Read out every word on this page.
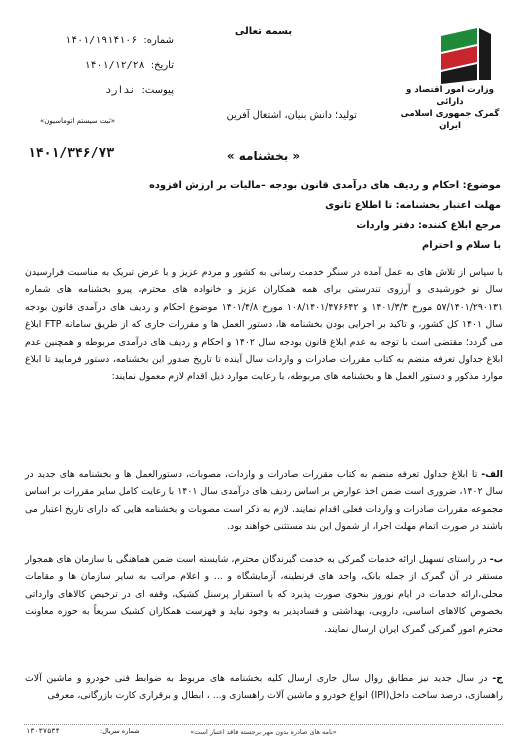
وزارت امور اقتصاد و دارائی
گمرک جمهوری اسلامی ایران
بسمه تعالی
شماره:
۱۴۰۱/۱۹۱۴۱۰۶
تاریخ:
۱۴۰۱/۱۲/۲۸
پیوست:
ندارد
«ثبت سیستم اتوماسیون»	تولید؛ دانش بنیان، اشتغال آفرین
۱۴۰۱/۳۴۶/۷۳	« بخشنامه »
موضوع: احکام و ردیف های درآمدی قانون بودجه –مالیات بر ارزش افزوده
مهلت اعتبار بخشنامه: تا اطلاع ثانوی
مرجع ابلاغ کننده: دفتر واردات
با سلام و احترام
با سپاس از تلاش های به عمل آمده در سنگر خدمت رسانی به کشور و مردم عزیز و با عرض تبریک به مناسبت فرارسیدن سال نو خورشیدی و آرزوی تندرستی برای همه همکاران عزیز و خانواده های محترم، پیرو بخشنامه های شماره ۵۷/۱۴۰۱/۲۹۰۱۳۱ مورخ ۱۴۰۱/۳/۳ و ۱۰۸/۱۴۰۱/۴۷۶۶۴۲ مورخ ۱۴۰۱/۴/۸ موضوع احکام و ردیف های درآمدی قانون بودجه سال ۱۴۰۱ کل کشور، و تاکید بر اجرایی بودن بخشنامه ها، دستور العمل ها و مقررات جاری که از طریق سامانه FTP ابلاغ می گردد؛ مقتضی است با توجه به عدم ابلاغ قانون بودجه سال ۱۴۰۲ و احکام و ردیف های درآمدی مربوطه و همچنین عدم ابلاغ جداول تعرفه منضم به کتاب مقررات صادرات و واردات سال آینده تا تاریخ صدور این بخشنامه، دستور فرمایید تا ابلاغ موارد مذکور و دستور العمل ها و بخشنامه های مربوطه، با رعایت موارد ذیل اقدام لازم معمول نمایند:
الف- تا ابلاغ جداول تعرفه منضم به کتاب مقررات صادرات و واردات، مصوبات، دستورالعمل ها و بخشنامه های جدید در سال ۱۴۰۲، ضروری است ضمن اخذ عوارض بر اساس ردیف های درآمدی سال ۱۴۰۱ با رعایت کامل سایر مقررات بر اساس مجموعه مقررات صادرات و واردات فعلی اقدام نمایند. لازم به ذکر است مصوبات و بخشنامه هایی که دارای تاریخ اعتبار می باشند در صورت اتمام مهلت اجرا، از شمول این بند مستثنی خواهند بود.
ب- در راستای تسهیل ارائه خدمات گمرکی به خدمت گیرندگان محترم، شایسته است ضمن هماهنگی با سازمان های همجوار مستقر در آن گمرک از جمله بانک، واحد های قرنطینه، آزمایشگاه و ... و اعلام مراتب به سایر سازمان ها و مقامات محلی،ارائه خدمات در ایام نوروز بنحوی صورت پذیرد که با استقرار پرسنل کشیک، وقفه ای در ترخیص کالاهای وارداتی بخصوص کالاهای اساسی، دارویی، بهداشتی و فسادپذیر به وجود نیاید و فهرست همکاران کشیک سریعاً به حوزه معاونت محترم امور گمرکی گمرک ایران ارسال نمایند.
ج- در سال جدید نیز مطابق روال سال جاری ارسال کلیه بخشنامه های مربوط به ضوابط فنی خودرو و ماشین آلات راهسازی، درصد ساخت داخل(IPI) انواع خودرو و ماشین آلات راهسازی و... ، ابطال و برقراری کارت بازرگانی، معرفی
«نامه های صادره بدون مهر برجسته فاقد اعتبار است»
شماره سریال:
۱۳۰۳۷۵۳۴
